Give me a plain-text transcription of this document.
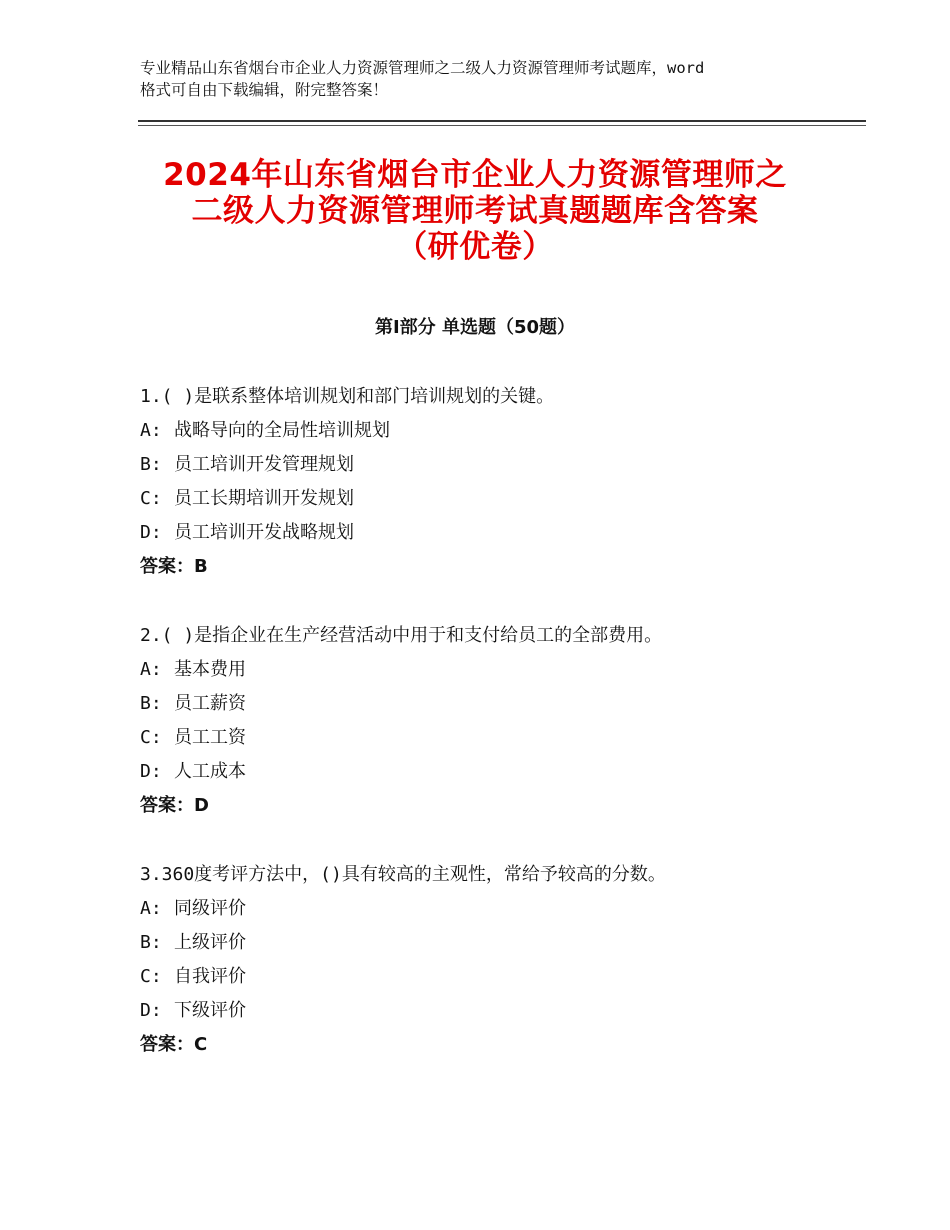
专业精品山东省烟台市企业人力资源管理师之二级人力资源管理师考试题库，word
格式可自由下载编辑，附完整答案！
2024年山东省烟台市企业人力资源管理师之
二级人力资源管理师考试真题题库含答案
（研优卷）
第Ⅰ部分 单选题（50题）
1.( )是联系整体培训规划和部门培训规划的关键。
A: 战略导向的全局性培训规划
B: 员工培训开发管理规划
C: 员工长期培训开发规划
D: 员工培训开发战略规划
答案：B
2.( )是指企业在生产经营活动中用于和支付给员工的全部费用。
A: 基本费用
B: 员工薪资
C: 员工工资
D: 人工成本
答案：D
3.360度考评方法中，()具有较高的主观性，常给予较高的分数。
A: 同级评价
B: 上级评价
C: 自我评价
D: 下级评价
答案：C
